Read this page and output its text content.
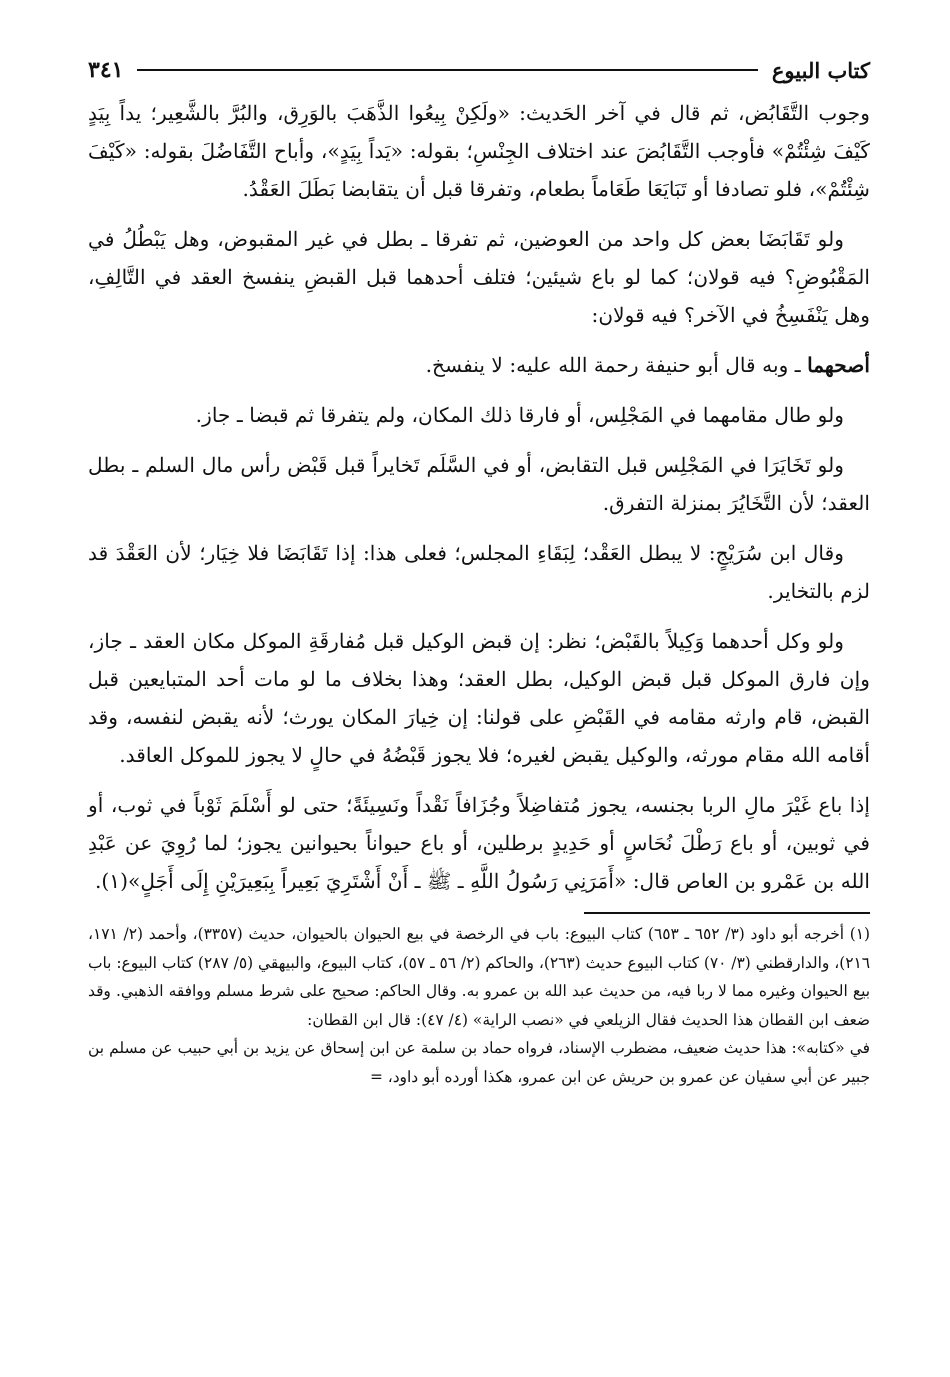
كتاب البيوع
٣٤١

وجوب التَّقَابُض، ثم قال في آخر الحَديث: «ولَكِنْ بِيعُوا الذَّهَبَ بالوَرِق، والبُرَّ بالشَّعِير؛ يداً بِيَدٍ كَيْفَ شِئْتُمْ» فأوجب التَّقَابُضَ عند اختلاف الجِنْسِ؛ بقوله: «يَداً بِيَدٍ»، وأباح التَّفَاضُلَ بقوله: «كَيْفَ شِئْتُمْ»، فلو تصادفا أو تَبَايَعَا طَعَاماً بطعام، وتفرقا قبل أن يتقابضا بَطَلَ العَقْدُ.

ولو تَقَابَضَا بعض كل واحد من العوضين، ثم تفرقا ـ بطل في غير المقبوض، وهل يَبْطُلُ في المَقْبُوضِ؟ فيه قولان؛ كما لو باع شيئين؛ فتلف أحدهما قبل القبضِ ينفسخ العقد في التَّالِفِ، وهل يَنْفَسِخُ في الآخر؟ فيه قولان:

أصحهما ـ وبه قال أبو حنيفة رحمة الله عليه: لا ينفسخ.

ولو طال مقامهما في المَجْلِس، أو فارقا ذلك المكان، ولم يتفرقا ثم قبضا ـ جاز.

ولو تَخَايَرَا في المَجْلِس قبل التقابض، أو في السَّلَم تَخايراً قبل قَبْض رأس مال السلم ـ بطل العقد؛ لأن التَّخَايُرَ بمنزلة التفرق.

وقال ابن سُرَيْجٍ: لا يبطل العَقْد؛ لِبَقَاءِ المجلس؛ فعلى هذا: إذا تَقَابَضَا فلا خِيَار؛ لأن العَقْدَ قد لزم بالتخاير.

ولو وكل أحدهما وَكِيلاً بالقَبْض؛ نظر: إن قبض الوكيل قبل مُفارقَةِ الموكل مكان العقد ـ جاز، وإن فارق الموكل قبل قبض الوكيل، بطل العقد؛ وهذا بخلاف ما لو مات أحد المتبايعين قبل القبض، قام وارثه مقامه في القَبْضِ على قولنا: إن خِيارَ المكان يورث؛ لأنه يقبض لنفسه، وقد أقامه الله مقام مورثه، والوكيل يقبض لغيره؛ فلا يجوز قَبْضُهُ في حالٍ لا يجوز للموكل العاقد.

إذا باع غَيْرَ مالِ الربا بجنسه، يجوز مُتفاضِلاً وجُزَافاً نَقْداً ونَسِيئَةً؛ حتى لو أَسْلَمَ ثَوْباً في ثوب، أو في ثوبين، أو باع رَطْلَ نُحَاسٍ أو حَدِيدٍ برطلين، أو باع حيواناً بحيوانين يجوز؛ لما رُوِيَ عن عَبْدِ الله بن عَمْرو بن العاص قال: «أَمَرَنِي رَسُولُ اللَّهِ ـ ﷺ ـ أَنْ أَشْتَرِيَ بَعِيراً بِبَعِيرَيْنِ إِلَى أَجَلٍ»(١).

(١) أخرجه أبو داود (٣/ ٦٥٢ ـ ٦٥٣) كتاب البيوع: باب في الرخصة في بيع الحيوان بالحيوان، حديث (٣٣٥٧)، وأحمد (٢/ ١٧١، ٢١٦)، والدارقطني (٣/ ٧٠) كتاب البيوع حديث (٢٦٣)، والحاكم (٢/ ٥٦ ـ ٥٧)، كتاب البيوع، والبيهقي (٥/ ٢٨٧) كتاب البيوع: باب بيع الحيوان وغيره مما لا ربا فيه، من حديث عبد الله بن عمرو به. وقال الحاكم: صحيح على شرط مسلم ووافقه الذهبي. وقد ضعف ابن القطان هذا الحديث فقال الزيلعي في «نصب الراية» (٤/ ٤٧): قال ابن القطان:

في «كتابه»: هذا حديث ضعيف، مضطرب الإسناد، فرواه حماد بن سلمة عن ابن إسحاق عن يزيد بن أبي حبيب عن مسلم بن جبير عن أبي سفيان عن عمرو بن حريش عن ابن عمرو، هكذا أورده أبو داود، =
